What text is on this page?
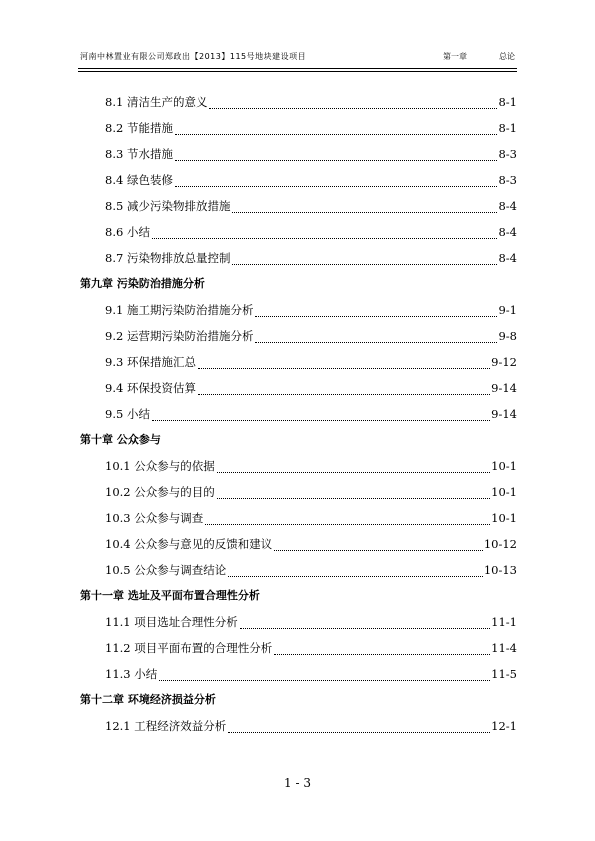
河南中林置业有限公司郑政出【2013】115号地块建设项目	第一章	总论
8.1 清洁生产的意义	8-1
8.2 节能措施	8-1
8.3 节水措施	8-3
8.4 绿色装修	8-3
8.5 减少污染物排放措施	8-4
8.6 小结	8-4
8.7 污染物排放总量控制	8-4
第九章 污染防治措施分析
9.1 施工期污染防治措施分析	9-1
9.2 运营期污染防治措施分析	9-8
9.3 环保措施汇总	9-12
9.4 环保投资估算	9-14
9.5 小结	9-14
第十章 公众参与
10.1 公众参与的依据	10-1
10.2 公众参与的目的	10-1
10.3 公众参与调查	10-1
10.4 公众参与意见的反馈和建议	10-12
10.5 公众参与调查结论	10-13
第十一章 选址及平面布置合理性分析
11.1 项目选址合理性分析	11-1
11.2 项目平面布置的合理性分析	11-4
11.3 小结	11-5
第十二章 环境经济损益分析
12.1 工程经济效益分析	12-1
1 - 3
